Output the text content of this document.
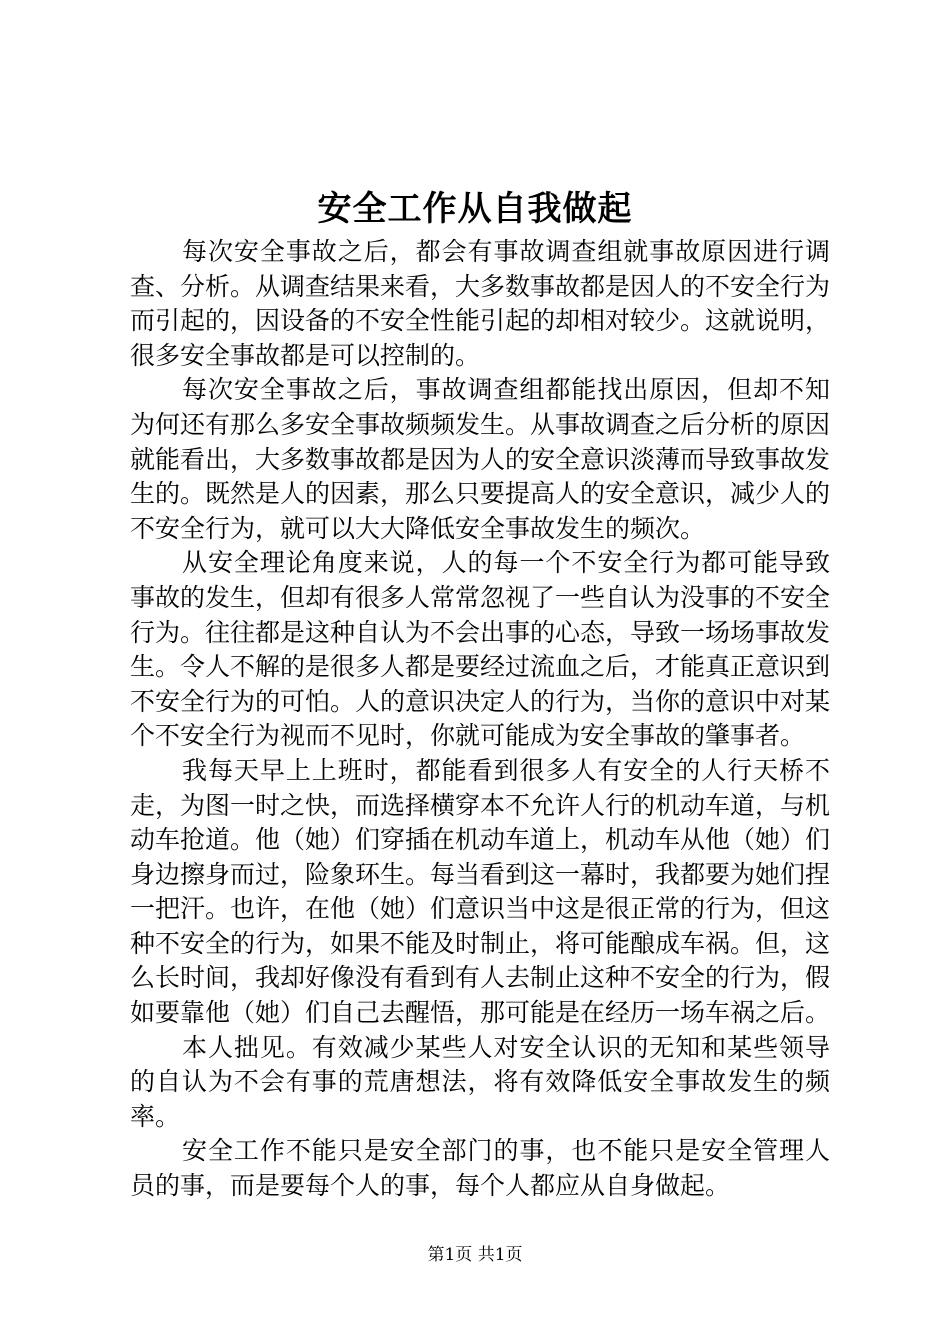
安全工作从自我做起

每次安全事故之后，都会有事故调查组就事故原因进行调查、分析。从调查结果来看，大多数事故都是因人的不安全行为而引起的，因设备的不安全性能引起的却相对较少。这就说明，很多安全事故都是可以控制的。

每次安全事故之后，事故调查组都能找出原因，但却不知为何还有那么多安全事故频频发生。从事故调查之后分析的原因就能看出，大多数事故都是因为人的安全意识淡薄而导致事故发生的。既然是人的因素，那么只要提高人的安全意识，减少人的不安全行为，就可以大大降低安全事故发生的频次。

从安全理论角度来说，人的每一个不安全行为都可能导致事故的发生，但却有很多人常常忽视了一些自认为没事的不安全行为。往往都是这种自认为不会出事的心态，导致一场场事故发生。令人不解的是很多人都是要经过流血之后，才能真正意识到不安全行为的可怕。人的意识决定人的行为，当你的意识中对某个不安全行为视而不见时，你就可能成为安全事故的肇事者。

我每天早上上班时，都能看到很多人有安全的人行天桥不走，为图一时之快，而选择横穿本不允许人行的机动车道，与机动车抢道。他（她）们穿插在机动车道上，机动车从他（她）们身边擦身而过，险象环生。每当看到这一幕时，我都要为她们捏一把汗。也许，在他（她）们意识当中这是很正常的行为，但这种不安全的行为，如果不能及时制止，将可能酿成车祸。但，这么长时间，我却好像没有看到有人去制止这种不安全的行为，假如要靠他（她）们自己去醒悟，那可能是在经历一场车祸之后。

本人拙见。有效减少某些人对安全认识的无知和某些领导的自认为不会有事的荒唐想法，将有效降低安全事故发生的频率。

安全工作不能只是安全部门的事，也不能只是安全管理人员的事，而是要每个人的事，每个人都应从自身做起。

第1页 共1页
